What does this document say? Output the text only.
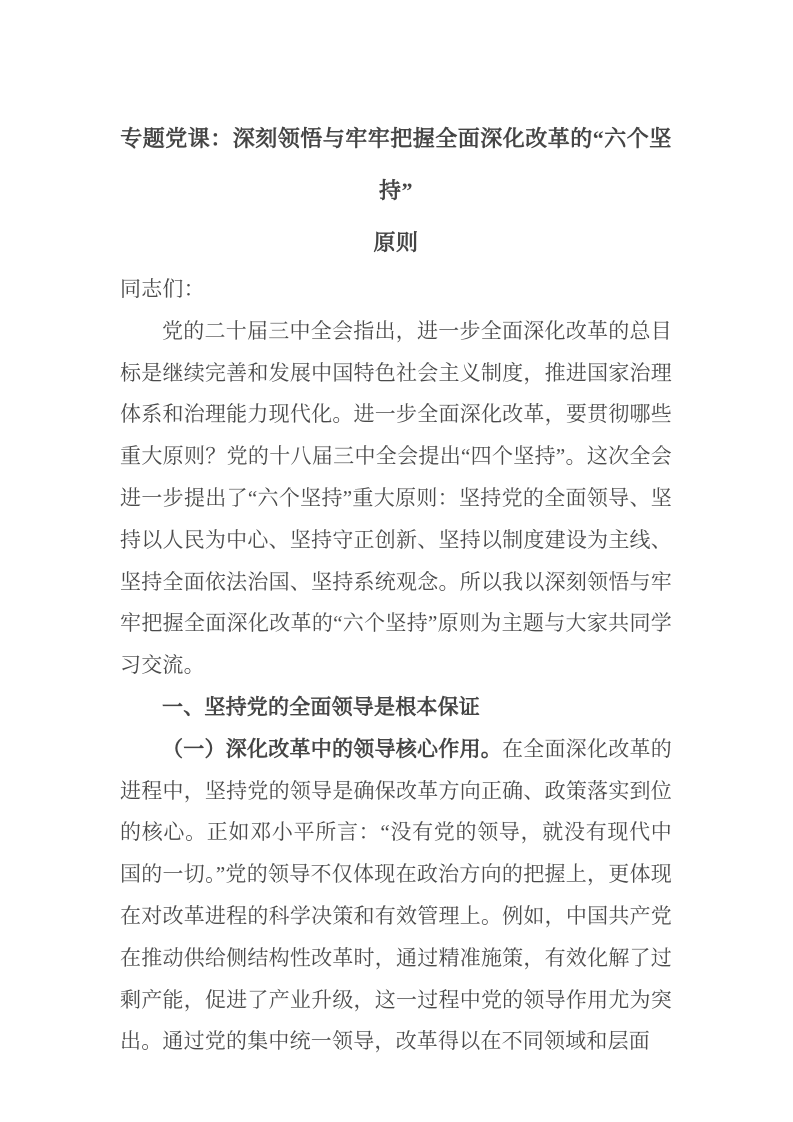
专题党课：深刻领悟与牢牢把握全面深化改革的“六个坚持”
原则

同志们：

党的二十届三中全会指出，进一步全面深化改革的总目标是继续完善和发展中国特色社会主义制度，推进国家治理体系和治理能力现代化。进一步全面深化改革，要贯彻哪些重大原则？党的十八届三中全会提出“四个坚持”。这次全会进一步提出了“六个坚持”重大原则：坚持党的全面领导、坚持以人民为中心、坚持守正创新、坚持以制度建设为主线、坚持全面依法治国、坚持系统观念。所以我以深刻领悟与牢牢把握全面深化改革的“六个坚持”原则为主题与大家共同学习交流。

一、坚持党的全面领导是根本保证

（一）深化改革中的领导核心作用。在全面深化改革的进程中，坚持党的领导是确保改革方向正确、政策落实到位的核心。正如邓小平所言：“没有党的领导，就没有现代中国的一切。”党的领导不仅体现在政治方向的把握上，更体现在对改革进程的科学决策和有效管理上。例如，中国共产党在推动供给侧结构性改革时，通过精准施策，有效化解了过剩产能，促进了产业升级，这一过程中党的领导作用尤为突出。通过党的集中统一领导，改革得以在不同领域和层面
